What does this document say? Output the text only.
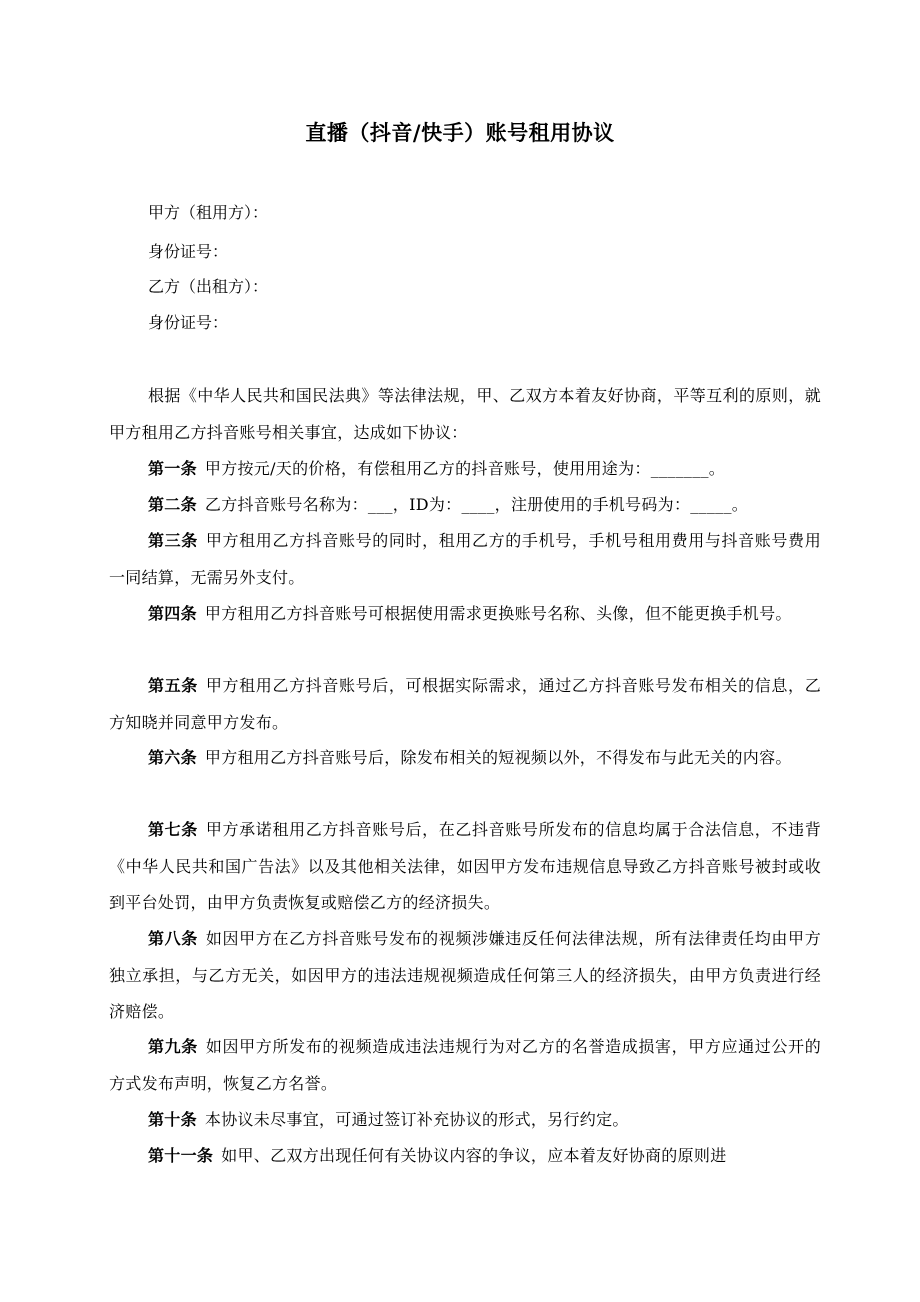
直播（抖音/快手）账号租用协议
甲方（租用方）：
身份证号：
乙方（出租方）：
身份证号：
根据《中华人民共和国民法典》等法律法规，甲、乙双方本着友好协商，平等互利的原则，就甲方租用乙方抖音账号相关事宜，达成如下协议：
第一条 甲方按元/天的价格，有偿租用乙方的抖音账号，使用用途为：_______。
第二条 乙方抖音账号名称为：___，ID为：____，注册使用的手机号码为：_____。
第三条 甲方租用乙方抖音账号的同时，租用乙方的手机号，手机号租用费用与抖音账号费用一同结算，无需另外支付。
第四条 甲方租用乙方抖音账号可根据使用需求更换账号名称、头像，但不能更换手机号。
第五条 甲方租用乙方抖音账号后，可根据实际需求，通过乙方抖音账号发布相关的信息，乙方知晓并同意甲方发布。
第六条 甲方租用乙方抖音账号后，除发布相关的短视频以外，不得发布与此无关的内容。
第七条 甲方承诺租用乙方抖音账号后，在乙抖音账号所发布的信息均属于合法信息，不违背《中华人民共和国广告法》以及其他相关法律，如因甲方发布违规信息导致乙方抖音账号被封或收到平台处罚，由甲方负责恢复或赔偿乙方的经济损失。
第八条 如因甲方在乙方抖音账号发布的视频涉嫌违反任何法律法规，所有法律责任均由甲方独立承担，与乙方无关，如因甲方的违法违规视频造成任何第三人的经济损失，由甲方负责进行经济赔偿。
第九条 如因甲方所发布的视频造成违法违规行为对乙方的名誉造成损害，甲方应通过公开的方式发布声明，恢复乙方名誉。
第十条 本协议未尽事宜，可通过签订补充协议的形式，另行约定。
第十一条 如甲、乙双方出现任何有关协议内容的争议，应本着友好协商的原则进
